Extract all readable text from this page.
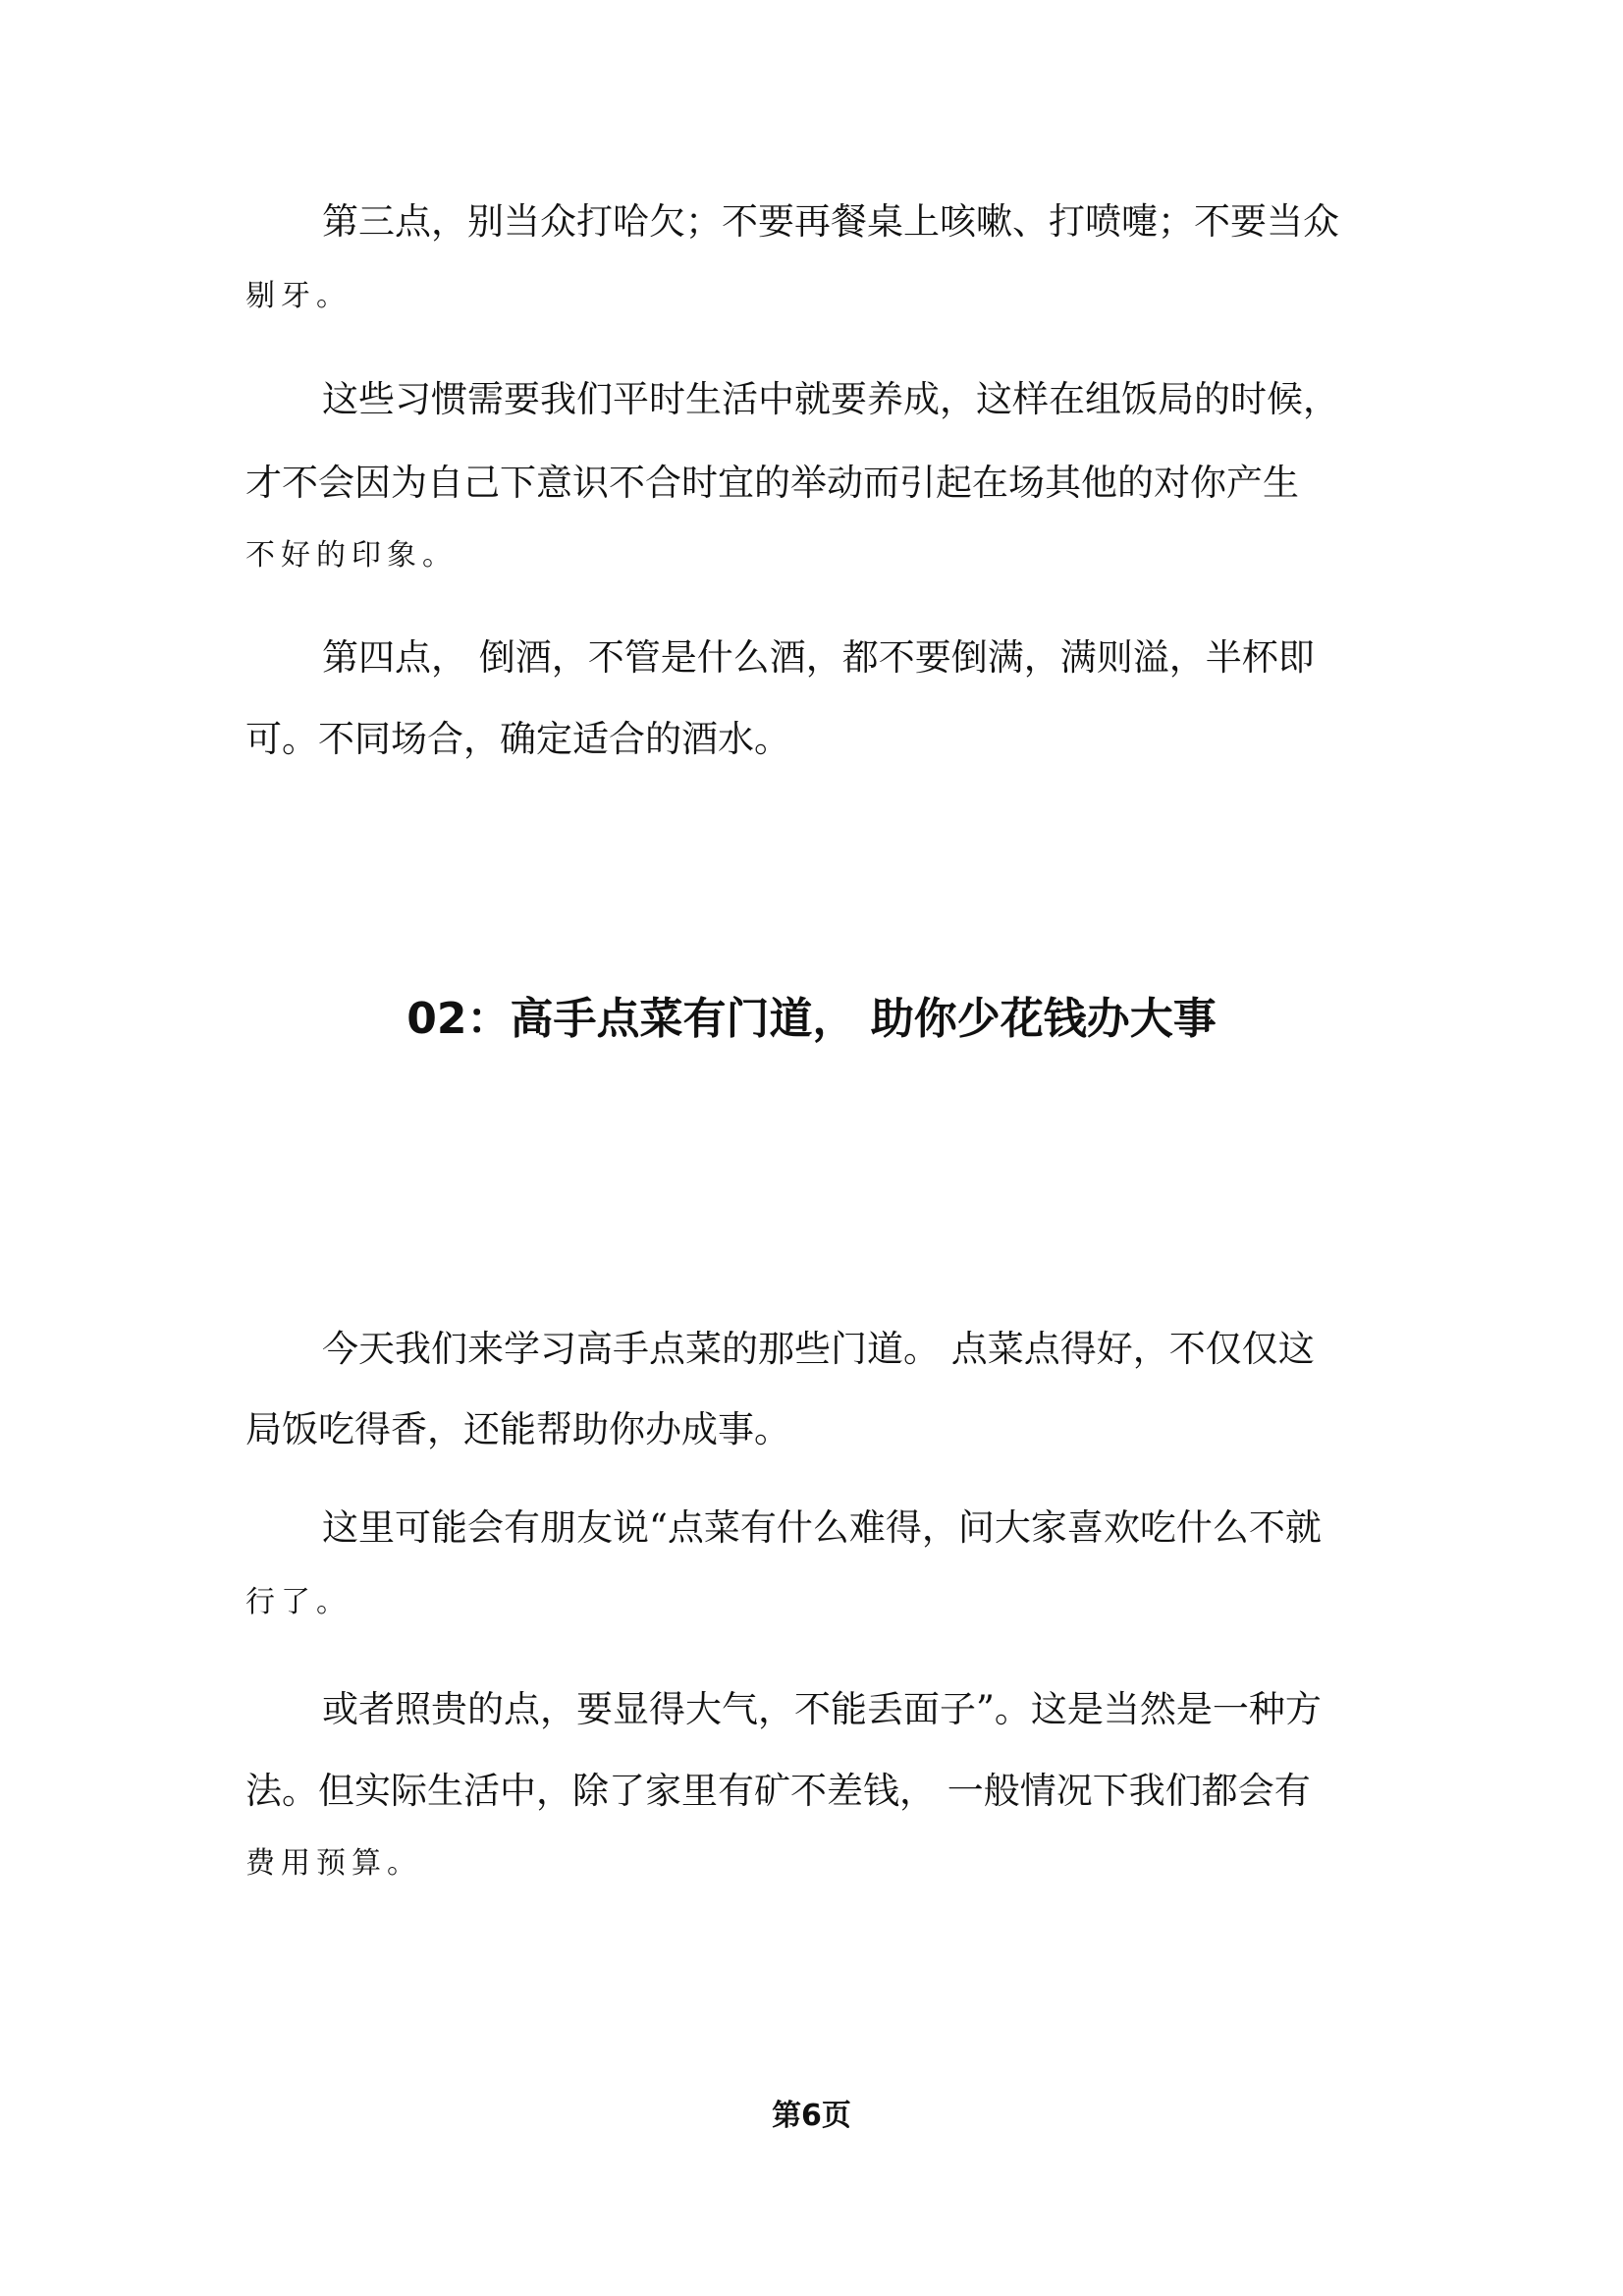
第三点，别当众打哈欠；不要再餐桌上咳嗽、打喷嚏；不要当众
剔牙。
这些习惯需要我们平时生活中就要养成，这样在组饭局的时候，
才不会因为自己下意识不合时宜的举动而引起在场其他的对你产生
不好的印象。
第四点， 倒酒，不管是什么酒，都不要倒满，满则溢，半杯即
可。不同场合，确定适合的酒水。
02：高手点菜有门道， 助你少花钱办大事
今天我们来学习高手点菜的那些门道。 点菜点得好，不仅仅这
局饭吃得香，还能帮助你办成事。
这里可能会有朋友说“点菜有什么难得，问大家喜欢吃什么不就
行了。
或者照贵的点，要显得大气，不能丢面子”。这是当然是一种方
法。但实际生活中，除了家里有矿不差钱， 一般情况下我们都会有
费用预算。
第6页
